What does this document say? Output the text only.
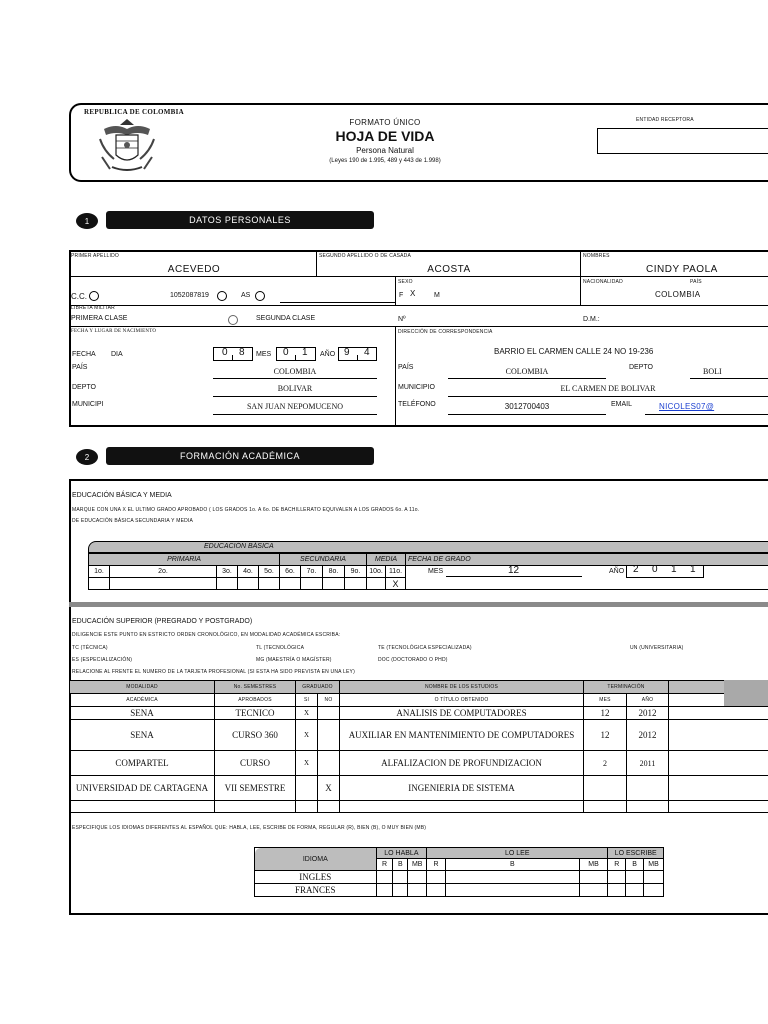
REPUBLICA DE COLOMBIA
FORMATO ÚNICO
HOJA DE VIDA
Persona Natural
(Leyes 190 de 1.995, 489 y 443 de 1.998)
ENTIDAD RECEPTORA
1	DATOS PERSONALES
PRIMER APELLIDO
ACEVEDO
SEGUNDO APELLIDO O DE CASADA
ACOSTA
NOMBRES
CINDY PAOLA
C.C.	1052087819	AS
SEXO
F X	M
NACIONALIDAD	PAÍS
COLOMBIA
LIBRETA MILITAR
PRIMERA CLASE	SEGUNDA CLASE	Nº	D.M.:
FECHA Y LUGAR DE NACIMIENTO
FECHA DIA	0 8 MES 0 1 AÑO 9 4
PAÍS	COLOMBIA
DEPTO	BOLIVAR
MUNICIPI	SAN JUAN NEPOMUCENO
DIRECCIÓN DE CORRESPONDENCIA
BARRIO EL CARMEN CALLE 24 NO 19-236
PAÍS	COLOMBIA	DEPTO	BOLI
MUNICIPIO	EL CARMEN DE BOLIVAR
TELÉFONO	3012700403	EMAIL	NICOLES07@
2	FORMACIÓN ACADÉMICA
EDUCACIÓN BÁSICA Y MEDIA
MARQUE CON UNA X EL ULTIMO GRADO APROBADO ( LOS GRADOS 1o. A 6o. DE BACHILLERATO EQUIVALEN A LOS GRADOS 6o. A 11o.
DE EDUCACIÓN BÁSICA SECUNDARIA Y MEDIA
EDUCACIÓN BÁSICA
PRIMARIA					SECUNDARIA				MEDIA		FECHA DE GRADO
1o.	2o.	3o.	4o.	5o.	6o.	7o.	8o.	9o.	10o.	11o.	
										X	
MES	12	AÑO 2 0 1 1
EDUCACIÓN SUPERIOR (PREGRADO Y POSTGRADO)
DILIGENCIE ESTE PUNTO EN ESTRICTO ORDEN CRONOLÓGICO, EN MODALIDAD ACADÉMICA ESCRIBA:
TC (TÉCNICA)	TL (TECNOLÓGICA	TE (TECNOLÓGICA ESPECIALIZADA)	UN (UNIVERSITARIA)
ES (ESPECIALIZACIÓN)	MG (MAESTRÍA O MAGÍSTER)	DOC (DOCTORADO O PHD)
RELACIONE AL FRENTE EL NUMERO DE LA TARJETA PROFESIONAL (SI ESTA HA SIDO PREVISTA EN UNA LEY)
MODALIDAD	No. SEMESTRES	GRADUADO		NOMBRE DE LOS ESTUDIOS	TERMINACIÓN	
ACADÉMICA	APROBADOS	SI	NO	O TÍTULO OBTENIDO	MES	AÑO	
SENA	TECNICO	X		ANALISIS DE COMPUTADORES	12	2012	
SENA	CURSO 360	X		AUXILIAR EN MANTENIMIENTO DE COMPUTADORES	12	2012	
COMPARTEL	CURSO	X		ALFALIZACION DE PROFUNDIZACION	2	2011	
UNIVERSIDAD DE CARTAGENA	VII SEMESTRE		X	INGENIERIA DE SISTEMA			

ESPECIFIQUE LOS IDIOMAS DIFERENTES AL ESPAÑOL QUE: HABLA, LEE, ESCRIBE DE FORMA, REGULAR (R), BIEN (B), O MUY BIEN (MB)
IDIOMA	LO HABLA			LO LEE			LO ESCRIBE		
	R	B	MB	R	B	MB	R	B	MB
INGLES									
FRANCES									
